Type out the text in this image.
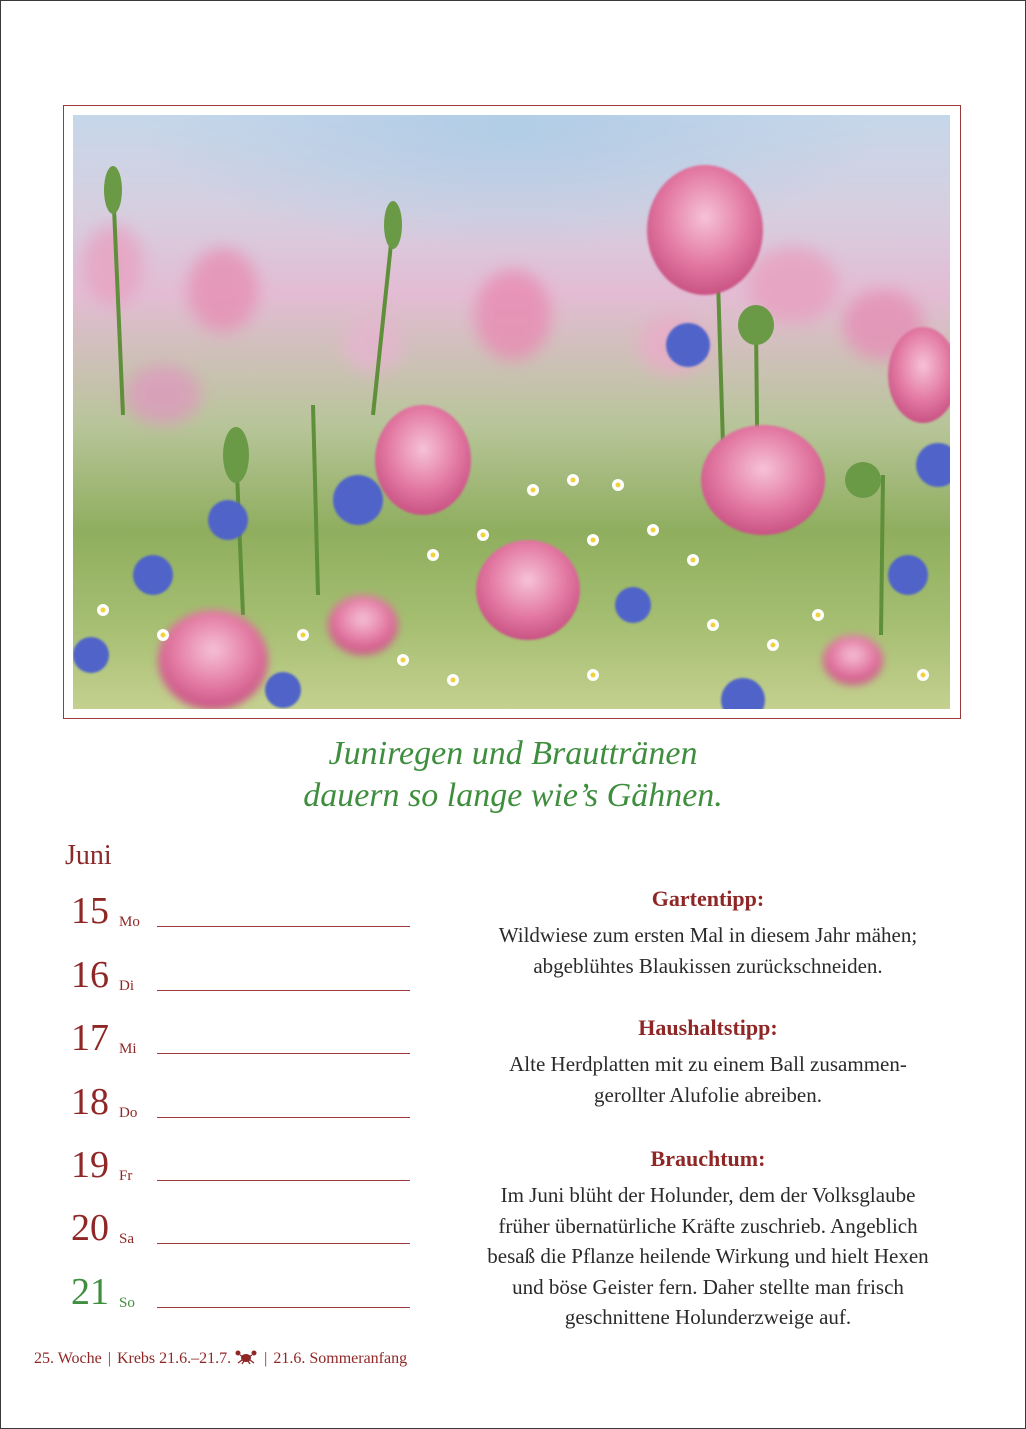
Juniregen und Brauttränen
dauern so lange wie’s Gähnen.
Juni
15 Mo
16 Di
17 Mi
18 Do
19 Fr
20 Sa
21 So
Gartentipp:
Wildwiese zum ersten Mal in diesem Jahr mähen;
abgeblühtes Blaukissen zurückschneiden.
Haushaltstipp:
Alte Herdplatten mit zu einem Ball zusammen-
gerollter Alufolie abreiben.
Brauchtum:
Im Juni blüht der Holunder, dem der Volksglaube
früher übernatürliche Kräfte zuschrieb. Angeblich
besaß die Pflanze heilende Wirkung und hielt Hexen
und böse Geister fern. Daher stellte man frisch
geschnittene Holunderzweige auf.
25. Woche | Krebs 21.6.–21.7. | 21.6. Sommeranfang
